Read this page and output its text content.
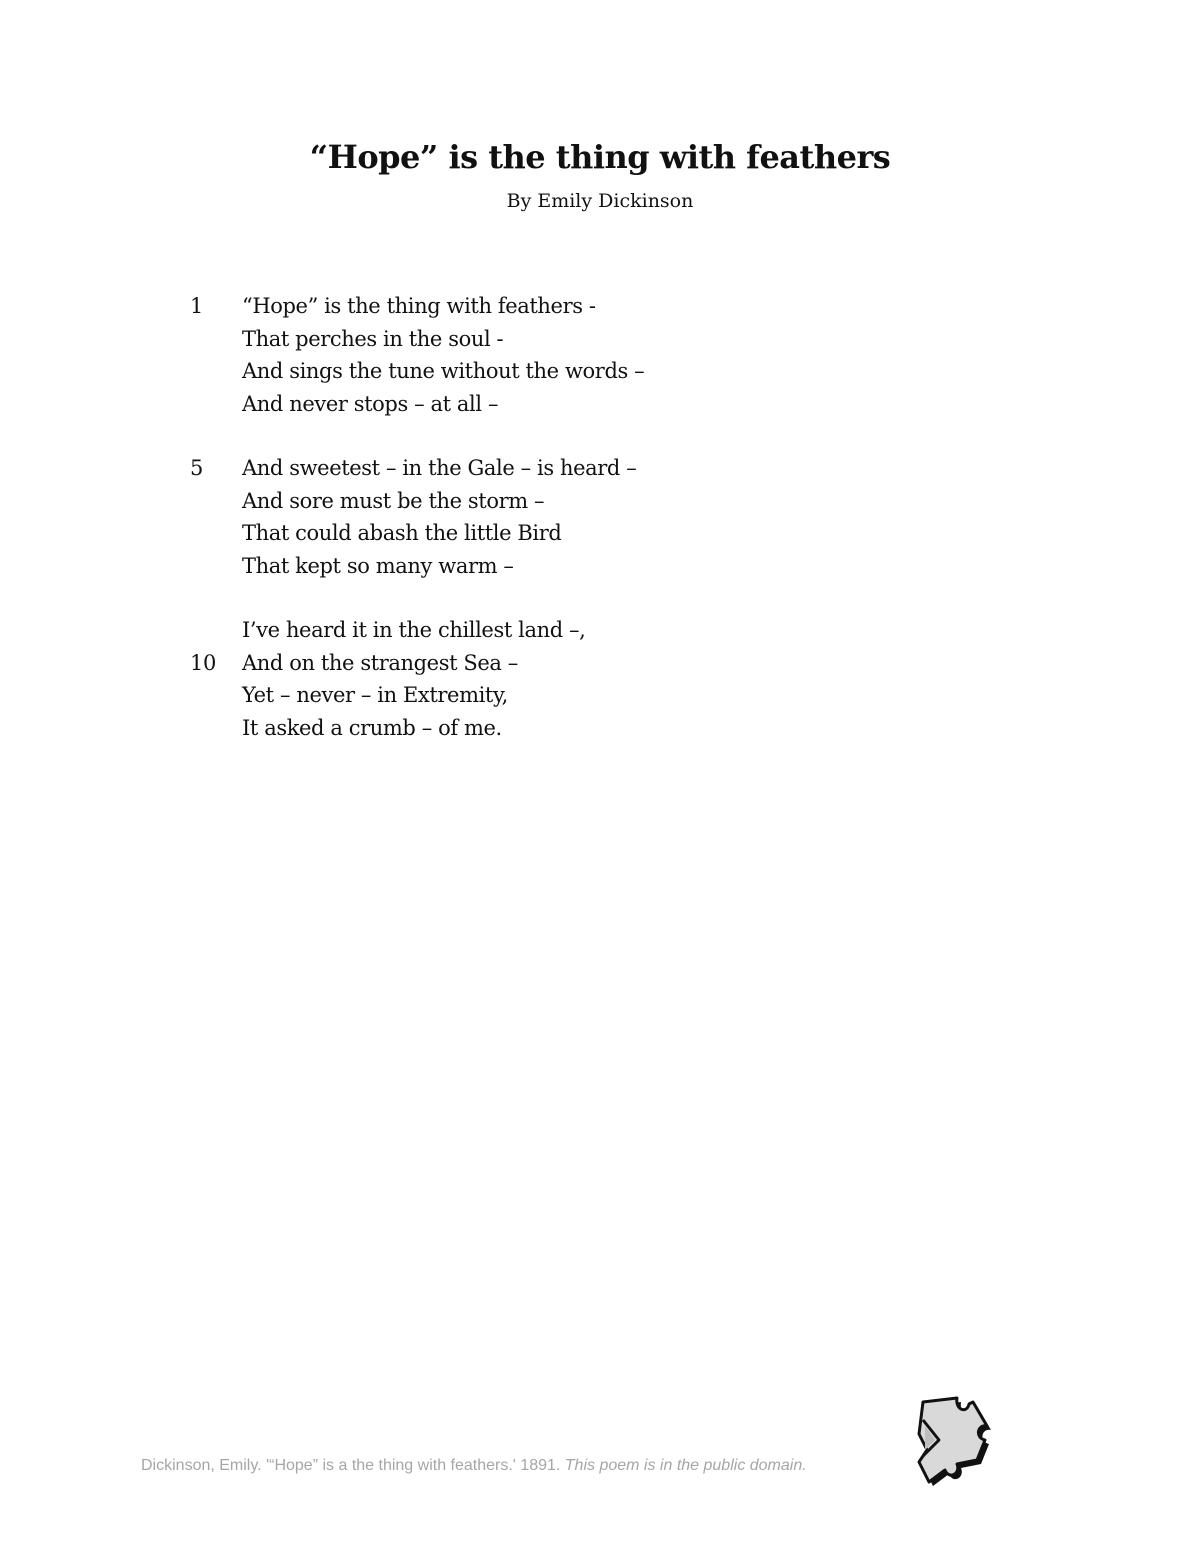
“Hope” is the thing with feathers

By Emily Dickinson

1	“Hope” is the thing with feathers -
That perches in the soul -
And sings the tune without the words –
And never stops – at all –
5	And sweetest – in the Gale – is heard –
And sore must be the storm –
That could abash the little Bird
That kept so many warm –
I’ve heard it in the chillest land –,
10	And on the strangest Sea –
Yet – never – in Extremity,
It asked a crumb – of me.
Dickinson, Emily. '“Hope” is a the thing with feathers.' 1891. This poem is in the public domain.
